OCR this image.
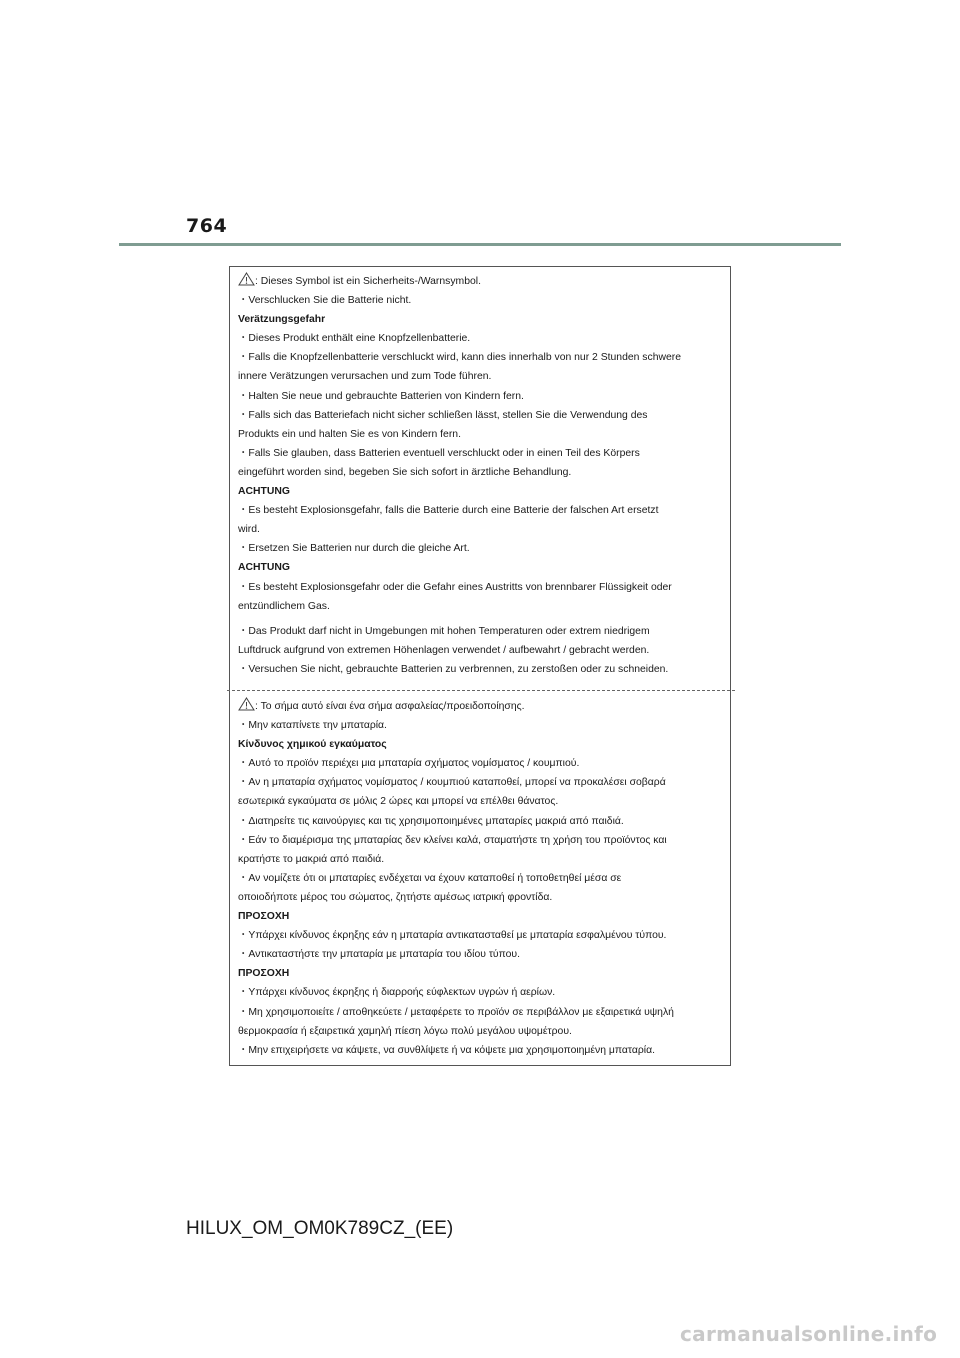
764
: Dieses Symbol ist ein Sicherheits-/Warnsymbol.
・Verschlucken Sie die Batterie nicht.
Verätzungsgefahr
・Dieses Produkt enthält eine Knopfzellenbatterie.
・Falls die Knopfzellenbatterie verschluckt wird, kann dies innerhalb von nur 2 Stunden schwere
innere Verätzungen verursachen und zum Tode führen.
・Halten Sie neue und gebrauchte Batterien von Kindern fern.
・Falls sich das Batteriefach nicht sicher schließen lässt, stellen Sie die Verwendung des
Produkts ein und halten Sie es von Kindern fern.
・Falls Sie glauben, dass Batterien eventuell verschluckt oder in einen Teil des Körpers
eingeführt worden sind, begeben Sie sich sofort in ärztliche Behandlung.
ACHTUNG
・Es besteht Explosionsgefahr, falls die Batterie durch eine Batterie der falschen Art ersetzt
wird.
・Ersetzen Sie Batterien nur durch die gleiche Art.
ACHTUNG
・Es besteht Explosionsgefahr oder die Gefahr eines Austritts von brennbarer Flüssigkeit oder
entzündlichem Gas.
・Das Produkt darf nicht in Umgebungen mit hohen Temperaturen oder extrem niedrigem
Luftdruck aufgrund von extremen Höhenlagen verwendet / aufbewahrt / gebracht werden.
・Versuchen Sie nicht, gebrauchte Batterien zu verbrennen, zu zerstoßen oder zu schneiden.
: Το σήμα αυτό είναι ένα σήμα ασφαλείας/προειδοποίησης.
・Μην καταπίνετε την μπαταρία.
Κίνδυνος χημικού εγκαύματος
・Αυτό το προϊόν περιέχει μια μπαταρία σχήματος νομίσματος / κουμπιού.
・Αν η μπαταρία σχήματος νομίσματος / κουμπιού καταποθεί, μπορεί να προκαλέσει σοβαρά
εσωτερικά εγκαύματα σε μόλις 2 ώρες και μπορεί να επέλθει θάνατος.
・Διατηρείτε τις καινούργιες και τις χρησιμοποιημένες μπαταρίες μακριά από παιδιά.
・Εάν το διαμέρισμα της μπαταρίας δεν κλείνει καλά, σταματήστε τη χρήση του προϊόντος και
κρατήστε το μακριά από παιδιά.
・Αν νομίζετε ότι οι μπαταρίες ενδέχεται να έχουν καταποθεί ή τοποθετηθεί μέσα σε
οποιοδήποτε μέρος του σώματος, ζητήστε αμέσως ιατρική φροντίδα.
ΠΡΟΣΟΧΗ
・Υπάρχει κίνδυνος έκρηξης εάν η μπαταρία αντικατασταθεί με μπαταρία εσφαλμένου τύπου.
・Αντικαταστήστε την μπαταρία με μπαταρία του ιδίου τύπου.
ΠΡΟΣΟΧΗ
・Υπάρχει κίνδυνος έκρηξης ή διαρροής εύφλεκτων υγρών ή αερίων.
・Μη χρησιμοποιείτε / αποθηκεύετε / μεταφέρετε το προϊόν σε περιβάλλον με εξαιρετικά υψηλή
θερμοκρασία ή εξαιρετικά χαμηλή πίεση λόγω πολύ μεγάλου υψομέτρου.
・Μην επιχειρήσετε να κάψετε, να συνθλίψετε ή να κόψετε μια χρησιμοποιημένη μπαταρία.
HILUX_OM_OM0K789CZ_(EE)
carmanualsonline.info
